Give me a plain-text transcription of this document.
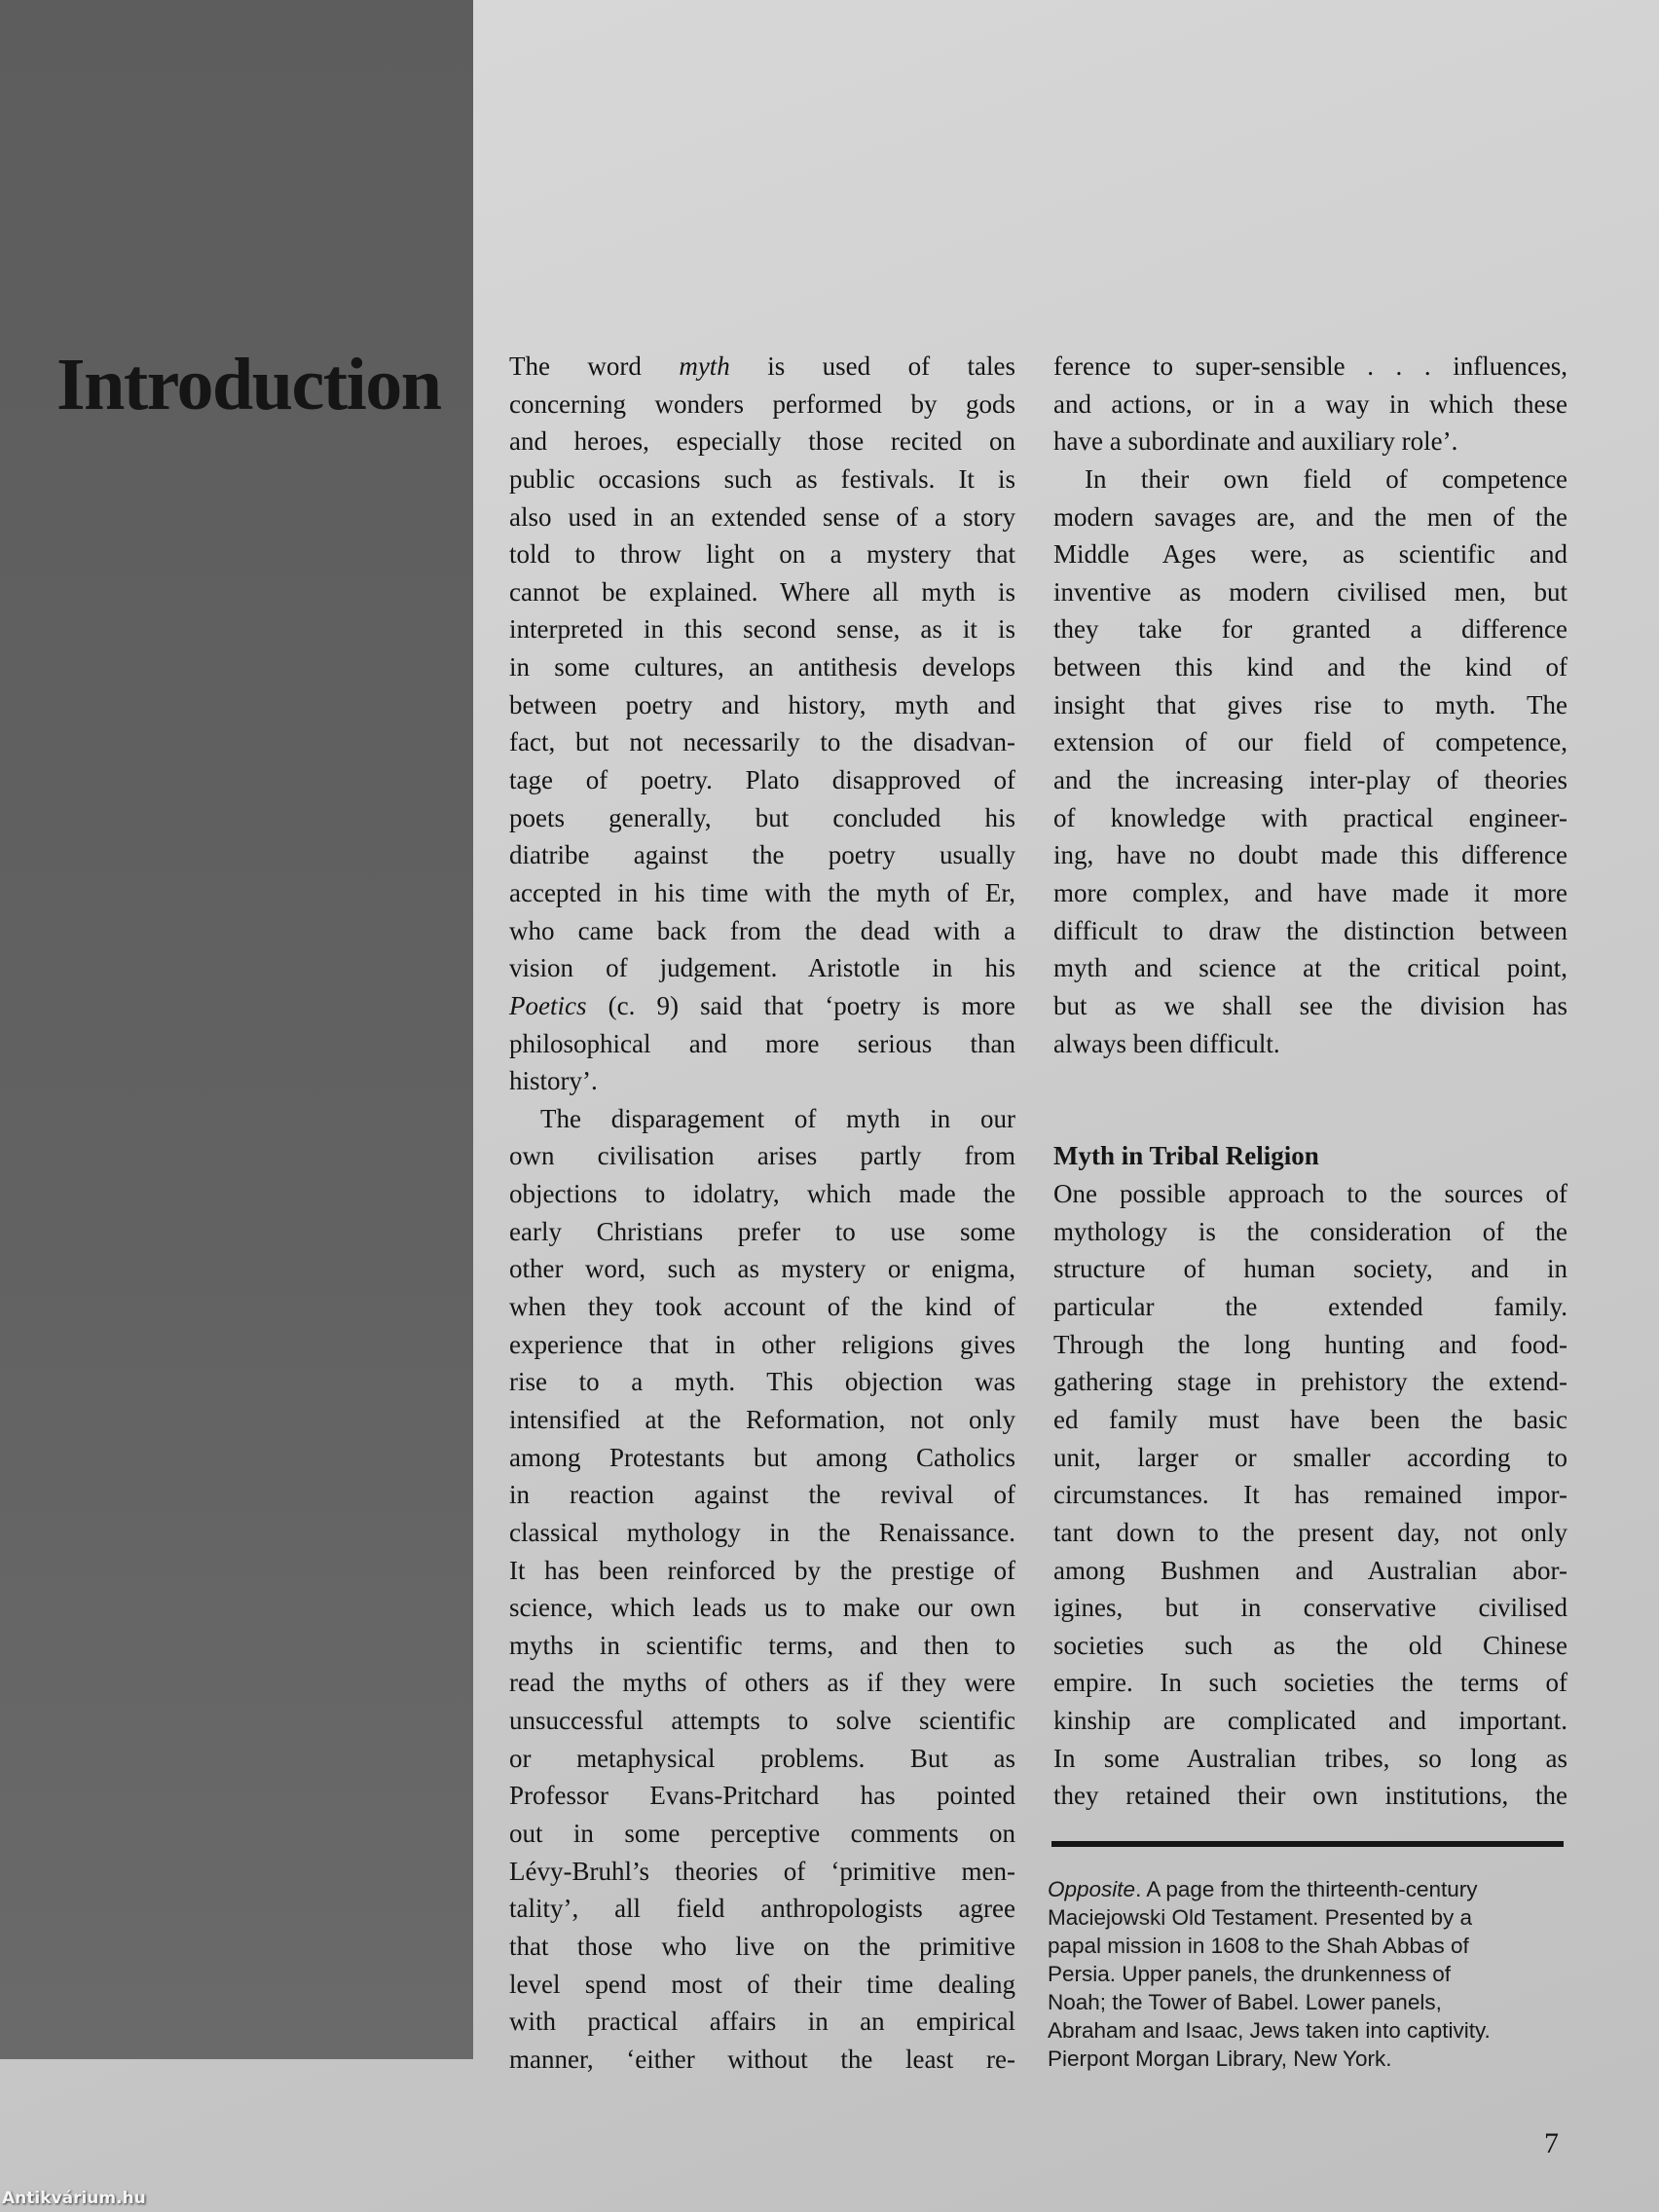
Introduction	The word myth is used of tales
concerning wonders performed by gods
and heroes, especially those recited on
public occasions such as festivals. It is
also used in an extended sense of a story
told to throw light on a mystery that
cannot be explained. Where all myth is
interpreted in this second sense, as it is
in some cultures, an antithesis develops
between poetry and history, myth and
fact, but not necessarily to the disadvan-
tage of poetry. Plato disapproved of
poets generally, but concluded his
diatribe against the poetry usually
accepted in his time with the myth of Er,
who came back from the dead with a
vision of judgement. Aristotle in his
Poetics (c. 9) said that ‘poetry is more
philosophical and more serious than
history’.
The disparagement of myth in our
own civilisation arises partly from
objections to idolatry, which made the
early Christians prefer to use some
other word, such as mystery or enigma,
when they took account of the kind of
experience that in other religions gives
rise to a myth. This objection was
intensified at the Reformation, not only
among Protestants but among Catholics
in reaction against the revival of
classical mythology in the Renaissance.
It has been reinforced by the prestige of
science, which leads us to make our own
myths in scientific terms, and then to
read the myths of others as if they were
unsuccessful attempts to solve scientific
or metaphysical problems. But as
Professor Evans-Pritchard has pointed
out in some perceptive comments on
Lévy-Bruhl’s theories of ‘primitive men-
tality’, all field anthropologists agree
that those who live on the primitive
level spend most of their time dealing
with practical affairs in an empirical
manner, ‘either without the least re-
ference to super-sensible . . . influences,
and actions, or in a way in which these
have a subordinate and auxiliary role’.
In their own field of competence
modern savages are, and the men of the
Middle Ages were, as scientific and
inventive as modern civilised men, but
they take for granted a difference
between this kind and the kind of
insight that gives rise to myth. The
extension of our field of competence,
and the increasing inter-play of theories
of knowledge with practical engineer-
ing, have no doubt made this difference
more complex, and have made it more
difficult to draw the distinction between
myth and science at the critical point,
but as we shall see the division has
always been difficult.
Myth in Tribal Religion
One possible approach to the sources of
mythology is the consideration of the
structure of human society, and in
particular the extended family.
Through the long hunting and food-
gathering stage in prehistory the extend-
ed family must have been the basic
unit, larger or smaller according to
circumstances. It has remained impor-
tant down to the present day, not only
among Bushmen and Australian abor-
igines, but in conservative civilised
societies such as the old Chinese
empire. In such societies the terms of
kinship are complicated and important.
In some Australian tribes, so long as
they retained their own institutions, the
Opposite. A page from the thirteenth-century
Maciejowski Old Testament. Presented by a
papal mission in 1608 to the Shah Abbas of
Persia. Upper panels, the drunkenness of
Noah; the Tower of Babel. Lower panels,
Abraham and Isaac, Jews taken into captivity.
Pierpont Morgan Library, New York.
7
Antikvárium.hu
